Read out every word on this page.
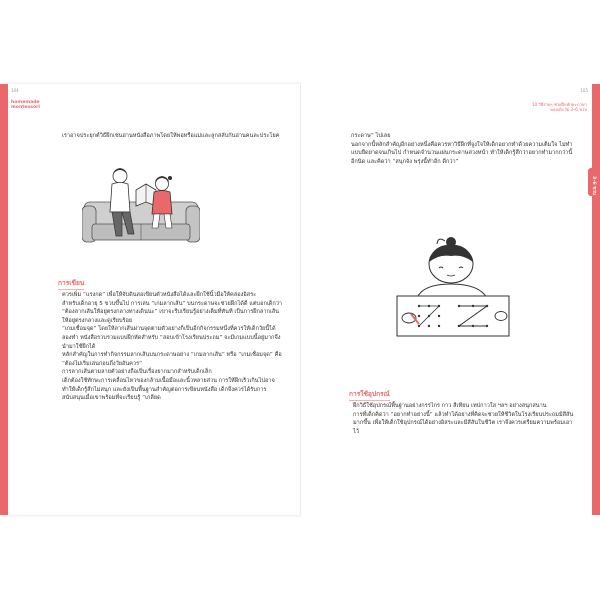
104
homemade
montessori

เราอาจประยุกต์วิธีฝึกเช่นอ่านหนังสือภาพโดยให้พ่อหรือแม่และลูกสลับกันอ่านคนละประโยค

การเขียน

ควรเพิ่ม “แรงกด” เพื่อให้จับดินสอเขียนตัวหนังสือได้และฝึกใช้นิ้วมือให้คล่องอิสระ

สำหรับเด็กอายุ 5 ขวบขึ้นไป การเล่น “เกมลากเส้น” บนกระดาษจะช่วยฝึกได้ดี แต่บอกเด็กว่า “ต้องลากเส้นให้อยู่ตรงกลางทางเดินนะ” เขาจะรีบเรียนรู้อย่างเต็มที่ทันที เป็นการฝึกลากเส้นให้อยู่ตรงกลางและดูเรียบร้อย

“เกมเชื่อมจุด” โดยให้ลากเส้นผ่านจุดตามตัวอย่างก็เป็นอีกกิจกรรมหนึ่งที่ควรให้เด็กวัยนี้ได้ลองทำ หนังสือรวบรวมแบบฝึกหัดสำหรับ “สอบเข้าโรงเรียนประถม” จะมีเกมแบบนี้อยู่มากจึงนำมาใช้ฝึกได้

หลักสำคัญในการทำกิจกรรมลากเส้นบนกระดาษอย่าง “เกมลากเส้น” หรือ “เกมเชื่อมจุด” คือ “ต้องไม่เริ่มเล่นก่อนถึงวัยอันควร”

การลากเส้นตามลายตัวอย่างถือเป็นเรื่องยากมากสำหรับเด็กเล็ก

เด็กต้องใช้ทักษะการเคลื่อนไหวของกล้ามเนื้อมือและนิ้วหลายส่วน การให้ฝึกเร็วเกินไปอาจทำให้เด็กรู้สึกไม่สนุก และยังเป็นพื้นฐานสำคัญต่อการเขียนหนังสือ เด็กจึงควรได้รับการสนับสนุนเมื่อเขาพร้อมที่จะเรียนรู้ “เกลียด

105
10 วิธีง่ายๆ ช่วยฝึกทักษะภาษา
ของเด็กวัย 3–6 ขวบ
3–6 ขวบ

กระดาษ” ไปเลย

นอกจากนี้หลักสำคัญอีกอย่างหนึ่งคือควรหาวิธีฝึกที่จูงใจให้เด็กอยากทำด้วยความเต็มใจ ไม่ทำแบบยืดยาดจนเกินไป กำหนดจำนวนแผ่นกระดาษล่วงหน้า ทำให้เด็กรู้สึกว่าอยากทำมากกว่านี้อีกนิด และคิดว่า “สนุกจัง พรุ่งนี้ทำอีก ดีกว่า”

การใช้อุปกรณ์

ฝึกวิธีใช้อุปกรณ์พื้นฐานอย่างกรรไกร กาว สีเทียน เทปกาวใส ฯลฯ อย่างสนุกสนาน

การที่เด็กคิดว่า “อยากทำอย่างนี้” แล้วทำได้อย่างที่คิดจะช่วยให้ชีวิตในโรงเรียนประถมมีสีสันมากขึ้น เพื่อให้เด็กใช้อุปกรณ์ได้อย่างอิสระและมีสีสันในชีวิต เราจึงควรเตรียมความพร้อมเอาไว้
